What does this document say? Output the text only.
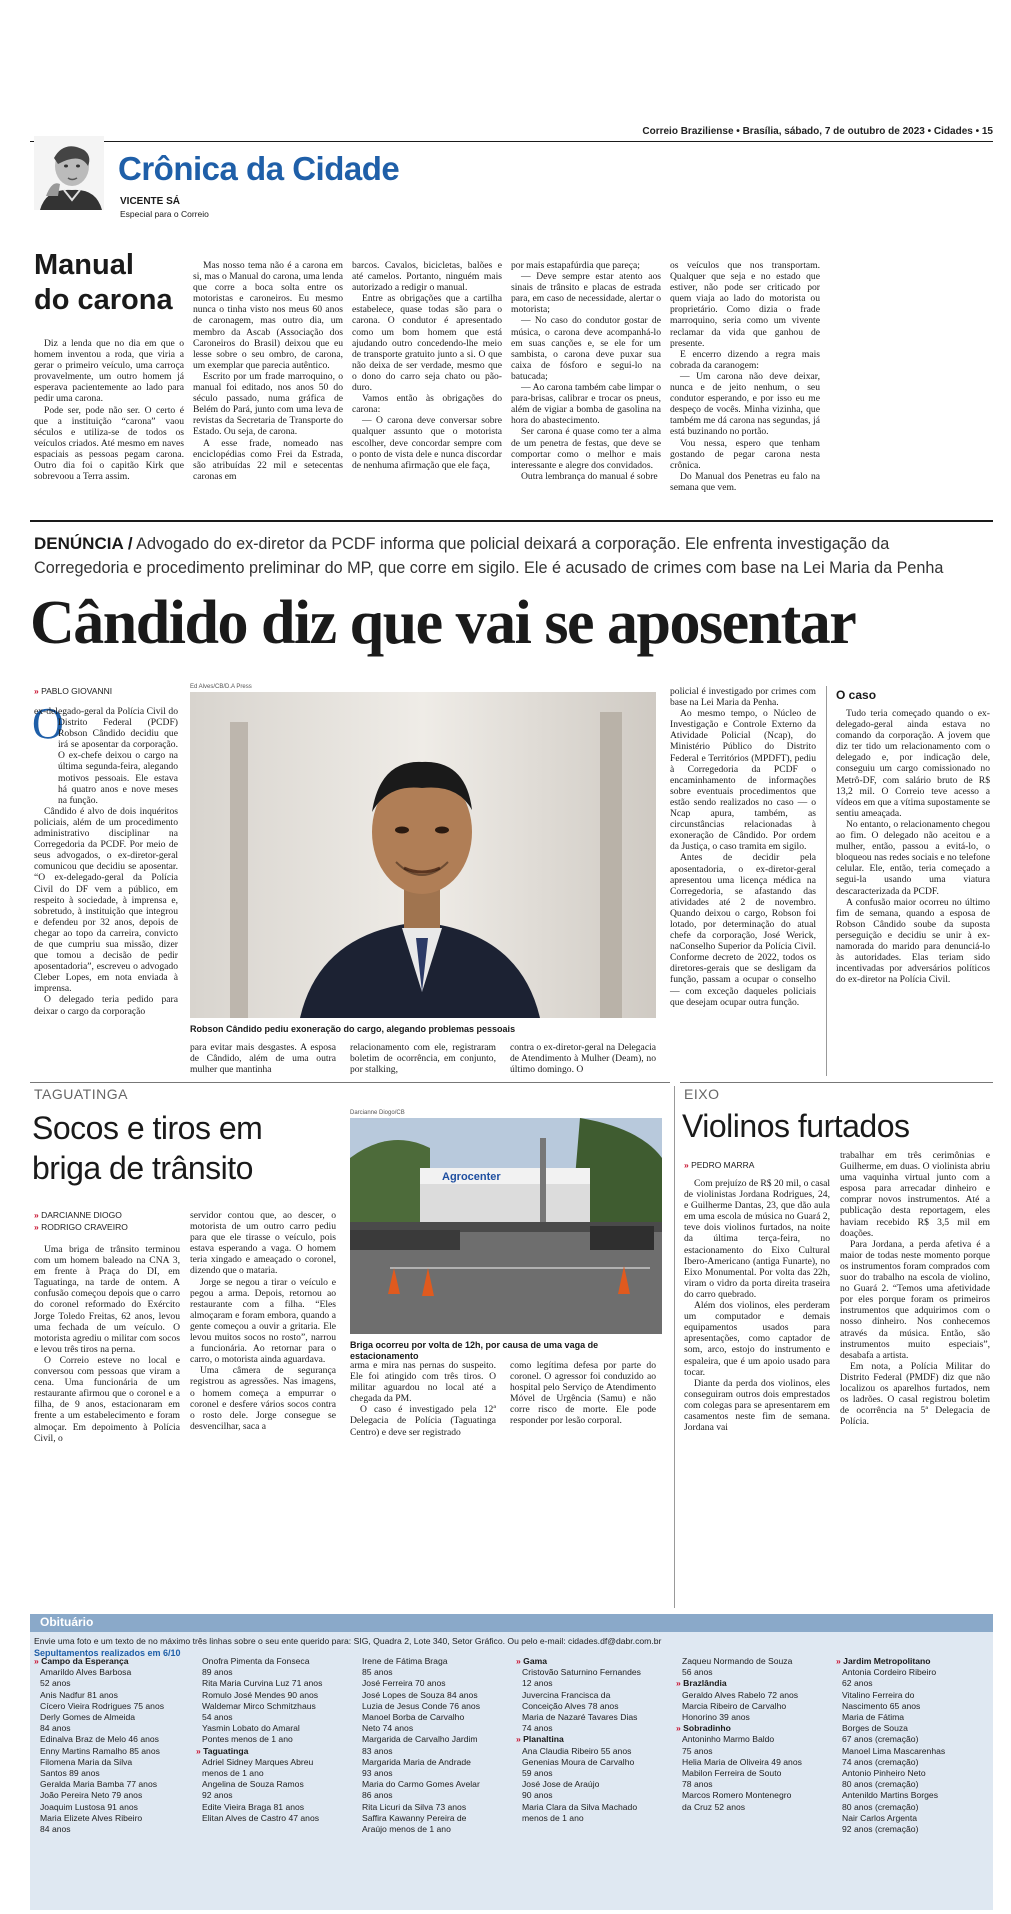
Correio Braziliense • Brasília, sábado, 7 de outubro de 2023 • Cidades • 15
Crônica da Cidade
VICENTE SÁ
Especial para o Correio
Manual
do carona

Diz a lenda que no dia em que o homem inventou a roda, que viria a gerar o primeiro veículo, uma carroça provavelmente, um outro homem já esperava pacientemente ao lado para pedir uma carona.

Pode ser, pode não ser. O certo é que a instituição “carona” vaou séculos e utiliza-se de todos os veículos criados. Até mesmo em naves espaciais as pessoas pegam carona. Outro dia foi o capitão Kirk que sobrevoou a Terra assim.

Mas nosso tema não é a carona em si, mas o Manual do carona, uma lenda que corre a boca solta entre os motoristas e caroneiros. Eu mesmo nunca o tinha visto nos meus 60 anos de caronagem, mas outro dia, um membro da Ascab (Associação dos Caroneiros do Brasil) deixou que eu lesse sobre o seu ombro, de carona, um exemplar que parecia autêntico.

Escrito por um frade marroquino, o manual foi editado, nos anos 50 do século passado, numa gráfica de Belém do Pará, junto com uma leva de revistas da Secretaria de Transporte do Estado. Ou seja, de carona.

A esse frade, nomeado nas enciclopédias como Frei da Estrada, são atribuídas 22 mil e setecentas caronas em

barcos. Cavalos, bicicletas, balões e até camelos. Portanto, ninguém mais autorizado a redigir o manual.

Entre as obrigações que a cartilha estabelece, quase todas são para o carona. O condutor é apresentado como um bom homem que está ajudando outro concedendo-lhe meio de transporte gratuito junto a si. O que não deixa de ser verdade, mesmo que o dono do carro seja chato ou pão-duro.

Vamos então às obrigações do carona:

— O carona deve conversar sobre qualquer assunto que o motorista escolher, deve concordar sempre com o ponto de vista dele e nunca discordar de nenhuma afirmação que ele faça,

por mais estapafúrdia que pareça;

— Deve sempre estar atento aos sinais de trânsito e placas de estrada para, em caso de necessidade, alertar o motorista;

— No caso do condutor gostar de música, o carona deve acompanhá-lo em suas canções e, se ele for um sambista, o carona deve puxar sua caixa de fósforo e segui-lo na batucada;

— Ao carona também cabe limpar o para-brisas, calibrar e trocar os pneus, além de vigiar a bomba de gasolina na hora do abastecimento.

Ser carona é quase como ter a alma de um penetra de festas, que deve se comportar como o melhor e mais interessante e alegre dos convidados.

Outra lembrança do manual é sobre

os veículos que nos transportam. Qualquer que seja e no estado que estiver, não pode ser criticado por quem viaja ao lado do motorista ou proprietário. Como dizia o frade marroquino, seria como um vivente reclamar da vida que ganhou de presente.

E encerro dizendo a regra mais cobrada da caranogem:

— Um carona não deve deixar, nunca e de jeito nenhum, o seu condutor esperando, e por isso eu me despeço de vocês. Minha vizinha, que também me dá carona nas segundas, já está buzinando no portão.

Vou nessa, espero que tenham gostando de pegar carona nesta crônica.

Do Manual dos Penetras eu falo na semana que vem.

DENÚNCIA / Advogado do ex-diretor da PCDF informa que policial deixará a corporação. Ele enfrenta investigação da Corregedoria e procedimento preliminar do MP, que corre em sigilo. Ele é acusado de crimes com base na Lei Maria da Penha
Cândido diz que vai se aposentar
» PABLO GIOVANNI
O

ex-delegado-geral da Polícia Civil do Distrito Federal (PCDF) Robson Cândido decidiu que irá se aposentar da corporação. O ex-chefe deixou o cargo na última segunda-feira, alegando motivos pessoais. Ele estava há quatro anos e nove meses na função.

Cândido é alvo de dois inquéritos policiais, além de um procedimento administrativo disciplinar na Corregedoria da PCDF. Por meio de seus advogados, o ex-diretor-geral comunicou que decidiu se aposentar. “O ex-delegado-geral da Polícia Civil do DF vem a público, em respeito à sociedade, à imprensa e, sobretudo, à instituição que integrou e defendeu por 32 anos, depois de chegar ao topo da carreira, convicto de que cumpriu sua missão, dizer que tomou a decisão de pedir aposentadoria”, escreveu o advogado Cleber Lopes, em nota enviada à imprensa.

O delegado teria pedido para deixar o cargo da corporação

Ed Alves/CB/D.A Press
Robson Cândido pediu exoneração do cargo, alegando problemas pessoais

para evitar mais desgastes. A esposa de Cândido, além de uma outra mulher que mantinha

relacionamento com ele, registraram boletim de ocorrência, em conjunto, por stalking,

contra o ex-diretor-geral na Delegacia de Atendimento à Mulher (Deam), no último domingo. O

policial é investigado por crimes com base na Lei Maria da Penha.

Ao mesmo tempo, o Núcleo de Investigação e Controle Externo da Atividade Policial (Ncap), do Ministério Público do Distrito Federal e Territórios (MPDFT), pediu à Corregedoria da PCDF o encaminhamento de informações sobre eventuais procedimentos que estão sendo realizados no caso — o Ncap apura, também, as circunstâncias relacionadas à exoneração de Cândido. Por ordem da Justiça, o caso tramita em sigilo.

Antes de decidir pela aposentadoria, o ex-diretor-geral apresentou uma licença médica na Corregedoria, se afastando das atividades até 2 de novembro. Quando deixou o cargo, Robson foi lotado, por determinação do atual chefe da corporação, José Werick, naConselho Superior da Polícia Civil. Conforme decreto de 2022, todos os diretores-gerais que se desligam da função, passam a ocupar o conselho — com exceção daqueles policiais que desejam ocupar outra função.

O caso

Tudo teria começado quando o ex-delegado-geral ainda estava no comando da corporação. A jovem que diz ter tido um relacionamento com o delegado e, por indicação dele, conseguiu um cargo comissionado no Metrô-DF, com salário bruto de R$ 13,2 mil. O Correio teve acesso a vídeos em que a vítima supostamente se sentiu ameaçada.

No entanto, o relacionamento chegou ao fim. O delegado não aceitou e a mulher, então, passou a evitá-lo, o bloqueou nas redes sociais e no telefone celular. Ele, então, teria começado a segui-la usando uma viatura descaracterizada da PCDF.

A confusão maior ocorreu no último fim de semana, quando a esposa de Robson Cândido soube da suposta perseguição e decidiu se unir à ex-namorada do marido para denunciá-lo às autoridades. Elas teriam sido incentivadas por adversários políticos do ex-diretor na Polícia Civil.

TAGUATINGA
Socos e tiros em
briga de trânsito
» DARCIANNE DIOGO
» RODRIGO CRAVEIRO

Uma briga de trânsito terminou com um homem baleado na CNA 3, em frente à Praça do DI, em Taguatinga, na tarde de ontem. A confusão começou depois que o carro do coronel reformado do Exército Jorge Toledo Freitas, 62 anos, levou uma fechada de um veículo. O motorista agrediu o militar com socos e levou três tiros na perna.

O Correio esteve no local e conversou com pessoas que viram a cena. Uma funcionária de um restaurante afirmou que o coronel e a filha, de 9 anos, estacionaram em frente a um estabelecimento e foram almoçar. Em depoimento à Polícia Civil, o

servidor contou que, ao descer, o motorista de um outro carro pediu para que ele tirasse o veículo, pois estava esperando a vaga. O homem teria xingado e ameaçado o coronel, dizendo que o mataria.

Jorge se negou a tirar o veículo e pegou a arma. Depois, retornou ao restaurante com a filha. “Eles almoçaram e foram embora, quando a gente começou a ouvir a gritaria. Ele levou muitos socos no rosto”, narrou a funcionária. Ao retornar para o carro, o motorista ainda aguardava.

Uma câmera de segurança registrou as agressões. Nas imagens, o homem começa a empurrar o coronel e desfere vários socos contra o rosto dele. Jorge consegue se desvencilhar, saca a

Darcianne Diogo/CB
Agrocenter
Briga ocorreu por volta de 12h, por causa de uma vaga de estacionamento

arma e mira nas pernas do suspeito. Ele foi atingido com três tiros. O militar aguardou no local até a chegada da PM.

O caso é investigado pela 12ª Delegacia de Polícia (Taguatinga Centro) e deve ser registrado

como legítima defesa por parte do coronel. O agressor foi conduzido ao hospital pelo Serviço de Atendimento Móvel de Urgência (Samu) e não corre risco de morte. Ele pode responder por lesão corporal.

EIXO
Violinos furtados
» PEDRO MARRA

Com prejuízo de R$ 20 mil, o casal de violinistas Jordana Rodrigues, 24, e Guilherme Dantas, 23, que dão aula em uma escola de música no Guará 2, teve dois violinos furtados, na noite da última terça-feira, no estacionamento do Eixo Cultural Ibero-Americano (antiga Funarte), no Eixo Monumental. Por volta das 22h, viram o vidro da porta direita traseira do carro quebrado.

Além dos violinos, eles perderam um computador e demais equipamentos usados para apresentações, como captador de som, arco, estojo do instrumento e espaleira, que é um apoio usado para tocar.

Diante da perda dos violinos, eles conseguiram outros dois emprestados com colegas para se apresentarem em casamentos neste fim de semana. Jordana vai

trabalhar em três cerimônias e Guilherme, em duas. O violinista abriu uma vaquinha virtual junto com a esposa para arrecadar dinheiro e comprar novos instrumentos. Até a publicação desta reportagem, eles haviam recebido R$ 3,5 mil em doações.

Para Jordana, a perda afetiva é a maior de todas neste momento porque os instrumentos foram comprados com suor do trabalho na escola de violino, no Guará 2. “Temos uma afetividade por eles porque foram os primeiros instrumentos que adquirimos com o nosso dinheiro. Nos conhecemos através da música. Então, são instrumentos muito especiais”, desabafa a artista.

Em nota, a Polícia Militar do Distrito Federal (PMDF) diz que não localizou os aparelhos furtados, nem os ladrões. O casal registrou boletim de ocorrência na 5ª Delegacia de Polícia.

Obituário
Envie uma foto e um texto de no máximo três linhas sobre o seu ente querido para: SIG, Quadra 2, Lote 340, Setor Gráfico. Ou pelo e-mail: cidades.df@dabr.com.br
Sepultamentos realizados em 6/10
» Campo da Esperança
Amarildo Alves Barbosa
52 anos
Anis Nadfur 81 anos
Cícero Vieira Rodrigues 75 anos
Derly Gomes de Almeida
84 anos
Edinalva Braz de Melo 46 anos
Enny Martins Ramalho 85 anos
Filomena Maria da Silva
Santos 89 anos
Geralda Maria Bamba 77 anos
João Pereira Neto 79 anos
Joaquim Lustosa 91 anos
Maria Elizete Alves Ribeiro
84 anos
Onofra Pimenta da Fonseca
89 anos
Rita Maria Curvina Luz 71 anos
Romulo José Mendes 90 anos
Waldemar Mirco Schmitzhaus
54 anos
Yasmin Lobato do Amaral
Pontes menos de 1 ano
» Taguatinga
Adriel Sidney Marques Abreu
menos de 1 ano
Angelina de Souza Ramos
92 anos
Edite Vieira Braga 81 anos
Elitan Alves de Castro 47 anos
Irene de Fátima Braga
85 anos
José Ferreira 70 anos
José Lopes de Souza 84 anos
Luzia de Jesus Conde 76 anos
Manoel Borba de Carvalho
Neto 74 anos
Margarida de Carvalho Jardim
83 anos
Margarida Maria de Andrade
93 anos
Maria do Carmo Gomes Avelar
86 anos
Rita Licuri da Silva 73 anos
Saffira Kawanny Pereira de
Araújo menos de 1 ano
» Gama
Cristovão Saturnino Fernandes
12 anos
Juvercina Francisca da
Conceição Alves 78 anos
Maria de Nazaré Tavares Dias
74 anos
» Planaltina
Ana Claudia Ribeiro 55 anos
Genenias Moura de Carvalho
59 anos
José Jose de Araújo
90 anos
Maria Clara da Silva Machado
menos de 1 ano
Zaqueu Normando de Souza
56 anos
» Brazlândia
Geraldo Alves Rabelo 72 anos
Marcia Ribeiro de Carvalho
Honorino 39 anos
» Sobradinho
Antoninho Marmo Baldo
75 anos
Helia Maria de Oliveira 49 anos
Mabilon Ferreira de Souto
78 anos
Marcos Romero Montenegro
da Cruz 52 anos
» Jardim Metropolitano
Antonia Cordeiro Ribeiro
62 anos
Vitalino Ferreira do
Nascimento 65 anos
Maria de Fátima
Borges de Souza
67 anos (cremação)
Manoel Lima Mascarenhas
74 anos (cremação)
Antonio Pinheiro Neto
80 anos (cremação)
Antenildo Martins Borges
80 anos (cremação)
Nair Carlos Argenta
92 anos (cremação)
